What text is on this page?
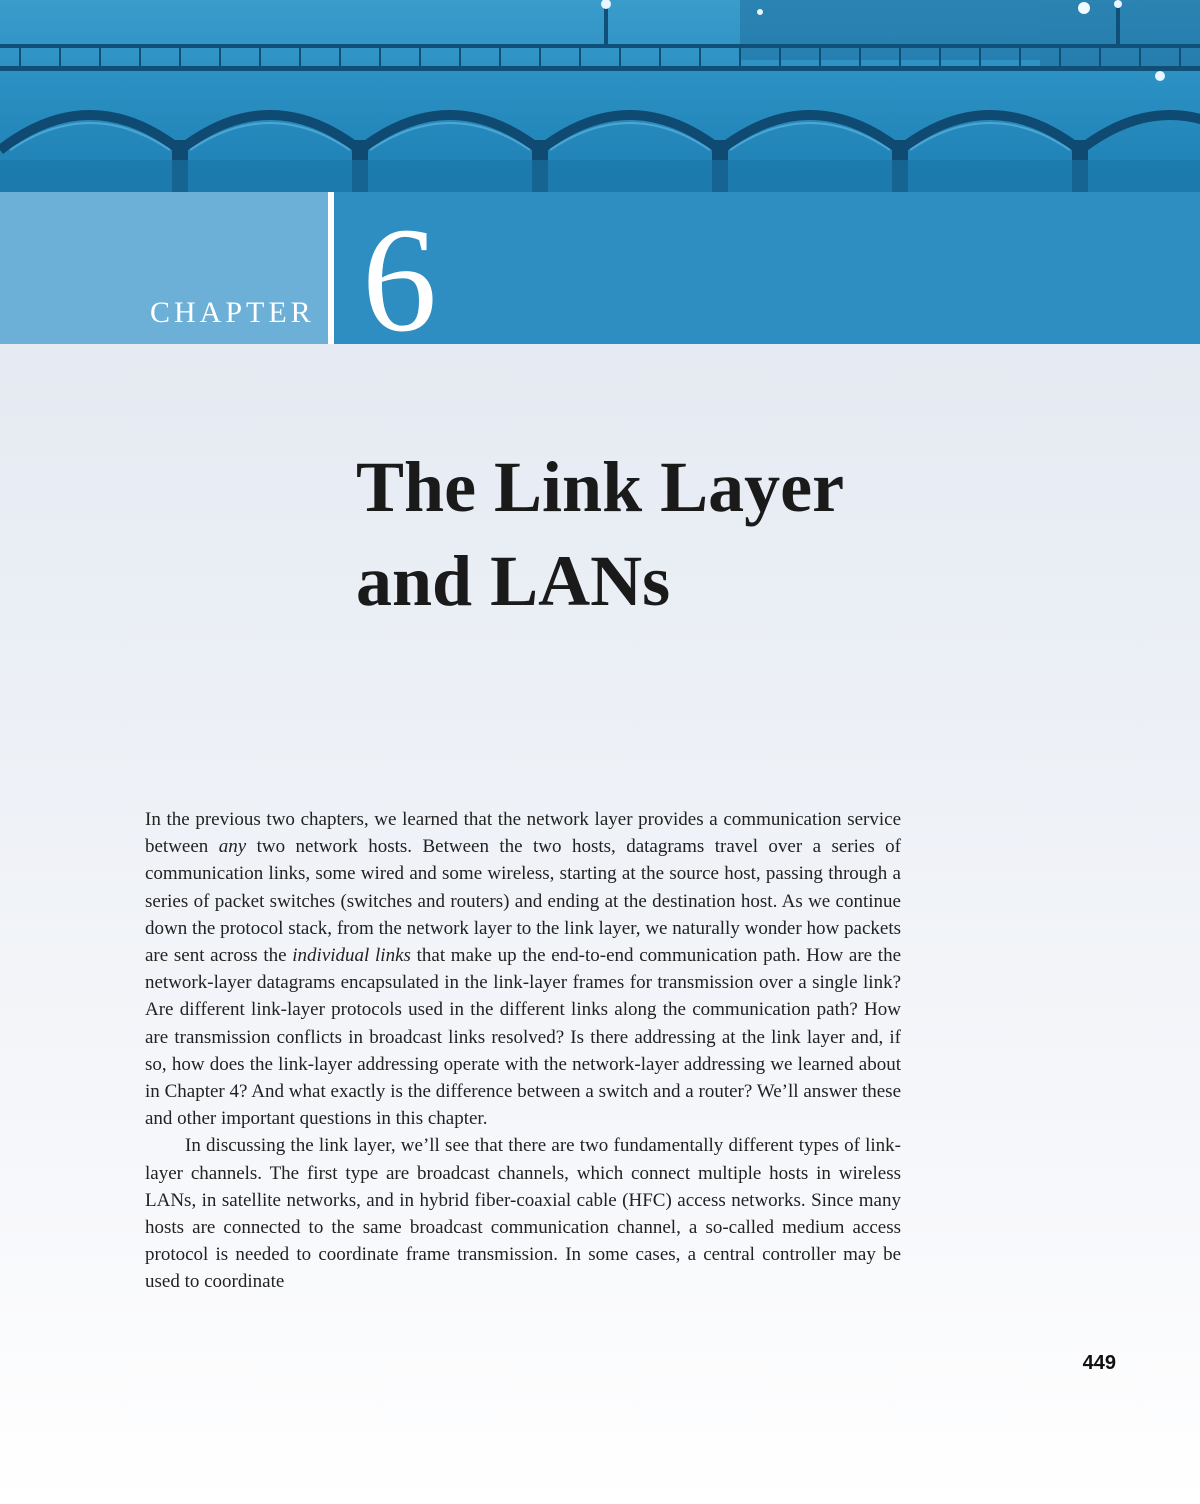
CHAPTER 6
The Link Layer
and LANs

In the previous two chapters, we learned that the network layer provides a communication service between any two network hosts. Between the two hosts, datagrams travel over a series of communication links, some wired and some wireless, starting at the source host, passing through a series of packet switches (switches and routers) and ending at the destination host. As we continue down the protocol stack, from the network layer to the link layer, we naturally wonder how packets are sent across the individual links that make up the end-to-end communication path. How are the network-layer datagrams encapsulated in the link-layer frames for transmission over a single link? Are different link-layer protocols used in the different links along the communication path? How are transmission conflicts in broadcast links resolved? Is there addressing at the link layer and, if so, how does the link-layer addressing operate with the network-layer addressing we learned about in Chapter 4? And what exactly is the difference between a switch and a router? We’ll answer these and other important questions in this chapter.

In discussing the link layer, we’ll see that there are two fundamentally different types of link-layer channels. The first type are broadcast channels, which connect multiple hosts in wireless LANs, in satellite networks, and in hybrid fiber-coaxial cable (HFC) access networks. Since many hosts are connected to the same broadcast communication channel, a so-called medium access protocol is needed to coordinate frame transmission. In some cases, a central controller may be used to coordinate

449
